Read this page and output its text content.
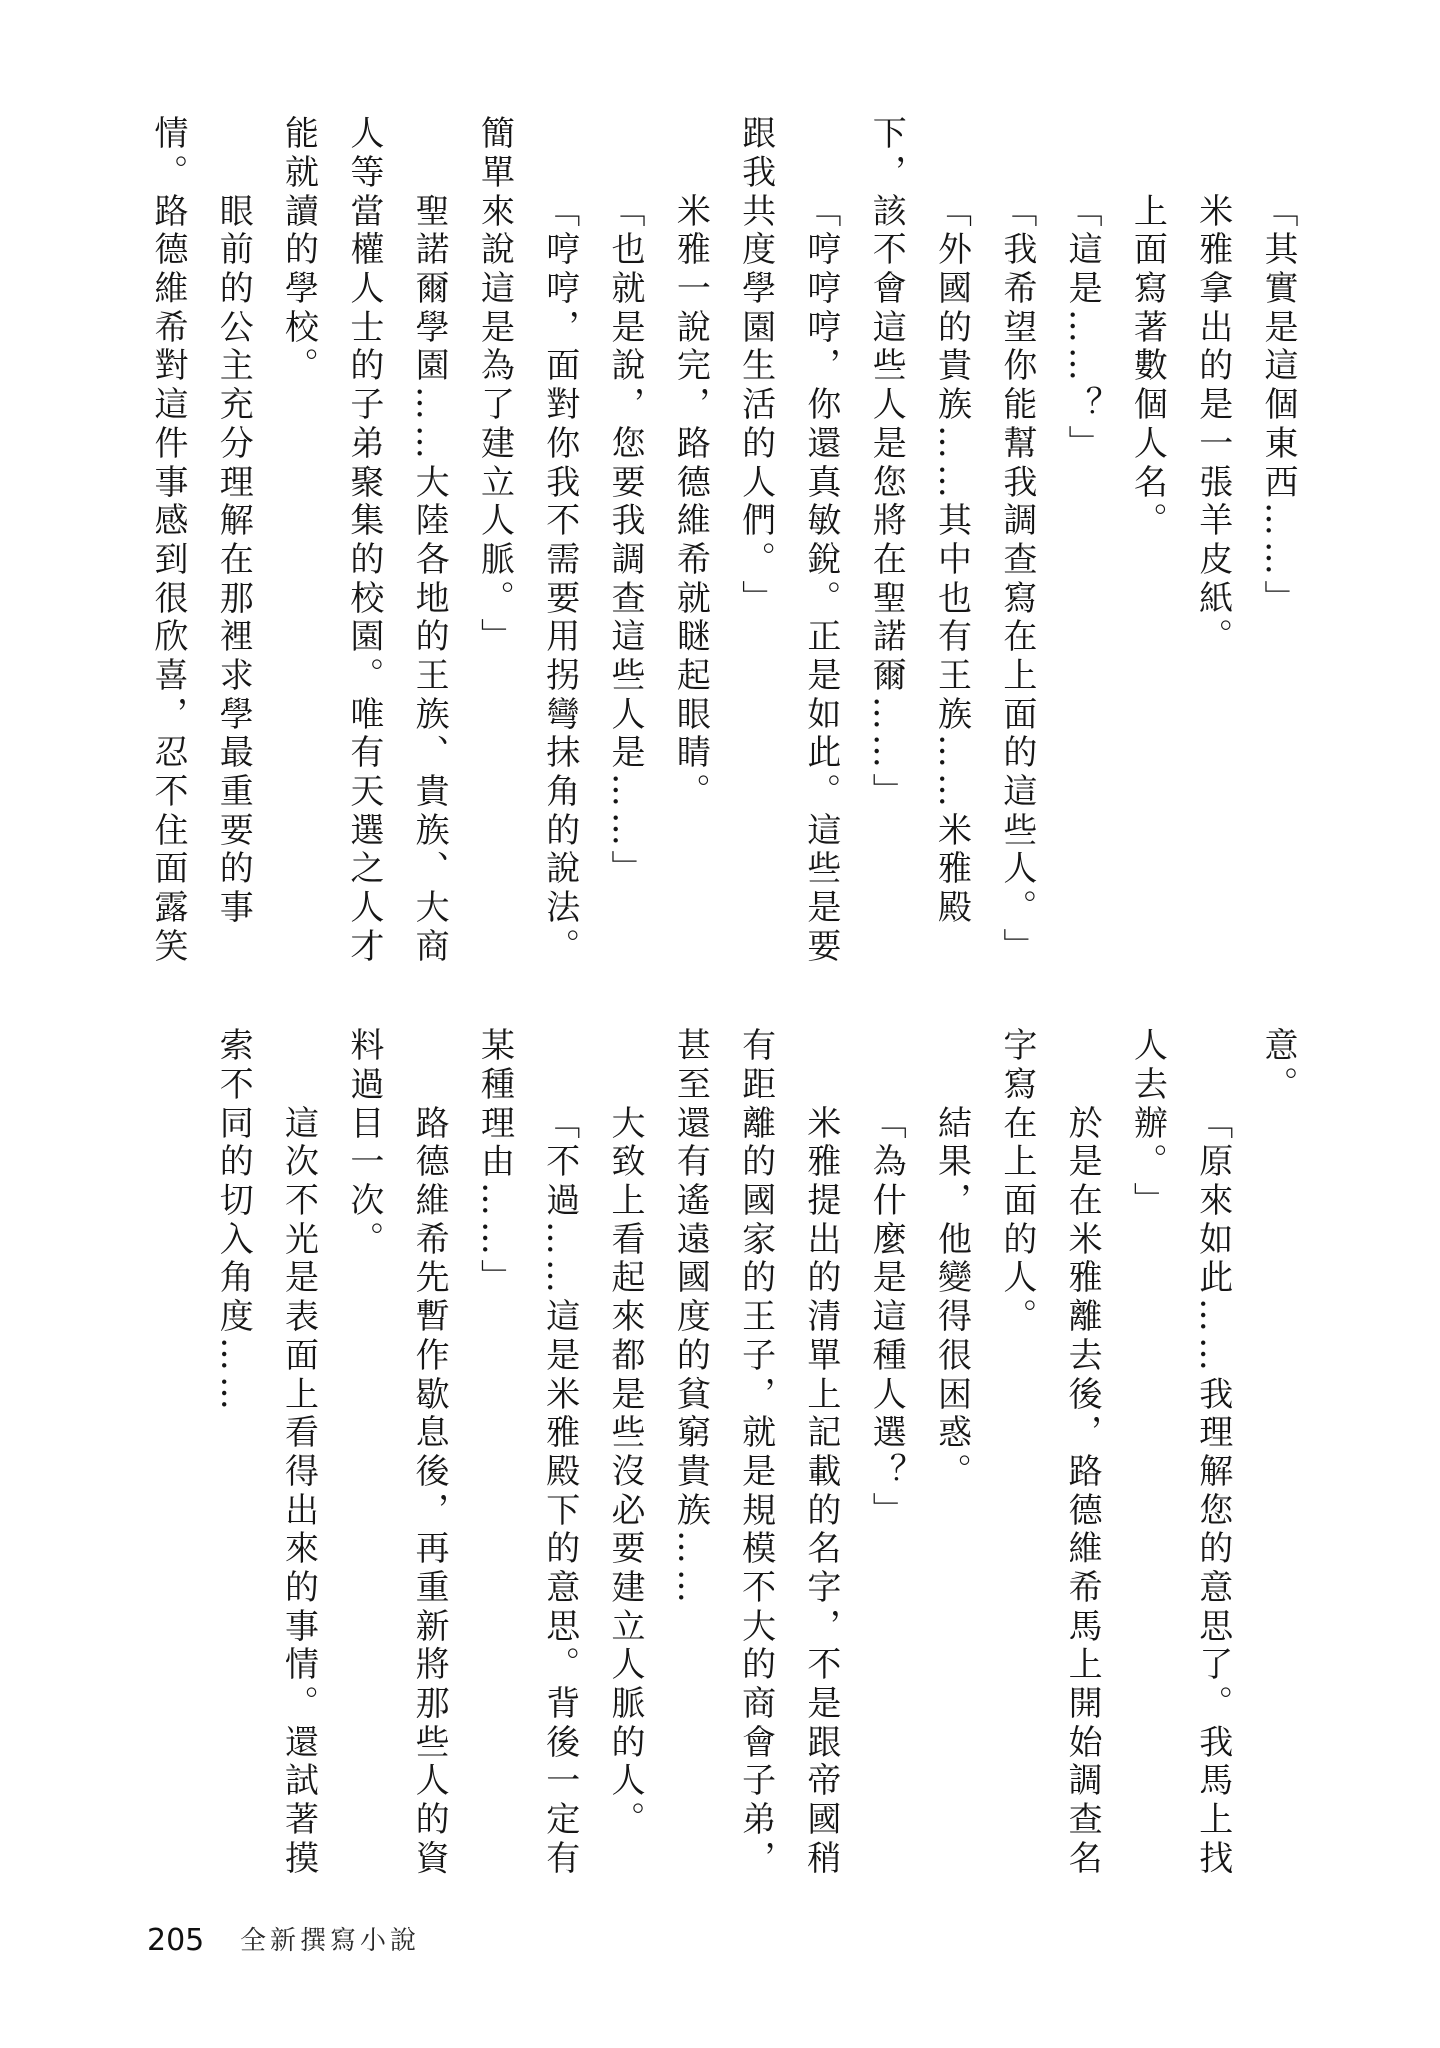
「
其
實
是
這
個
東
西
…
…
」
米
雅
拿
出
的
是
一
張
羊
皮
紙
。
上
面
寫
著
數
個
人
名
。
「
這
是
…
…
？
」
「
我
希
望
你
能
幫
我
調
查
寫
在
上
面
的
這
些
人
。
」
「
外
國
的
貴
族
…
…
其
中
也
有
王
族
…
…
米
雅
殿
下
，
該
不
會
這
些
人
是
您
將
在
聖
諾
爾
…
…
」
「
哼
哼
哼
，
你
還
真
敏
銳
。
正
是
如
此
。
這
些
是
要
跟
我
共
度
學
園
生
活
的
人
們
。
」
米
雅
一
說
完
，
路
德
維
希
就
瞇
起
眼
睛
。
「
也
就
是
說
，
您
要
我
調
查
這
些
人
是
…
…
」
「
哼
哼
，
面
對
你
我
不
需
要
用
拐
彎
抹
角
的
說
法
。
簡
單
來
說
這
是
為
了
建
立
人
脈
。
」
聖
諾
爾
學
園
…
…
大
陸
各
地
的
王
族
、
貴
族
、
大
商
人
等
當
權
人
士
的
子
弟
聚
集
的
校
園
。
唯
有
天
選
之
人
才
能
就
讀
的
學
校
。
眼
前
的
公
主
充
分
理
解
在
那
裡
求
學
最
重
要
的
事
情
。
路
德
維
希
對
這
件
事
感
到
很
欣
喜
，
忍
不
住
面
露
笑
意
。
「
原
來
如
此
…
…
我
理
解
您
的
意
思
了
。
我
馬
上
找
人
去
辦
。
」
於
是
在
米
雅
離
去
後
，
路
德
維
希
馬
上
開
始
調
查
名
字
寫
在
上
面
的
人
。
結
果
，
他
變
得
很
困
惑
。
「
為
什
麼
是
這
種
人
選
？
」
米
雅
提
出
的
清
單
上
記
載
的
名
字
，
不
是
跟
帝
國
稍
有
距
離
的
國
家
的
王
子
，
就
是
規
模
不
大
的
商
會
子
弟
，
甚
至
還
有
遙
遠
國
度
的
貧
窮
貴
族
…
…
大
致
上
看
起
來
都
是
些
沒
必
要
建
立
人
脈
的
人
。
「
不
過
…
…
這
是
米
雅
殿
下
的
意
思
。
背
後
一
定
有
某
種
理
由
…
…
」
路
德
維
希
先
暫
作
歇
息
後
，
再
重
新
將
那
些
人
的
資
料
過
目
一
次
。
這
次
不
光
是
表
面
上
看
得
出
來
的
事
情
。
還
試
著
摸
索
不
同
的
切
入
角
度
…
…
205 全新撰寫小說
